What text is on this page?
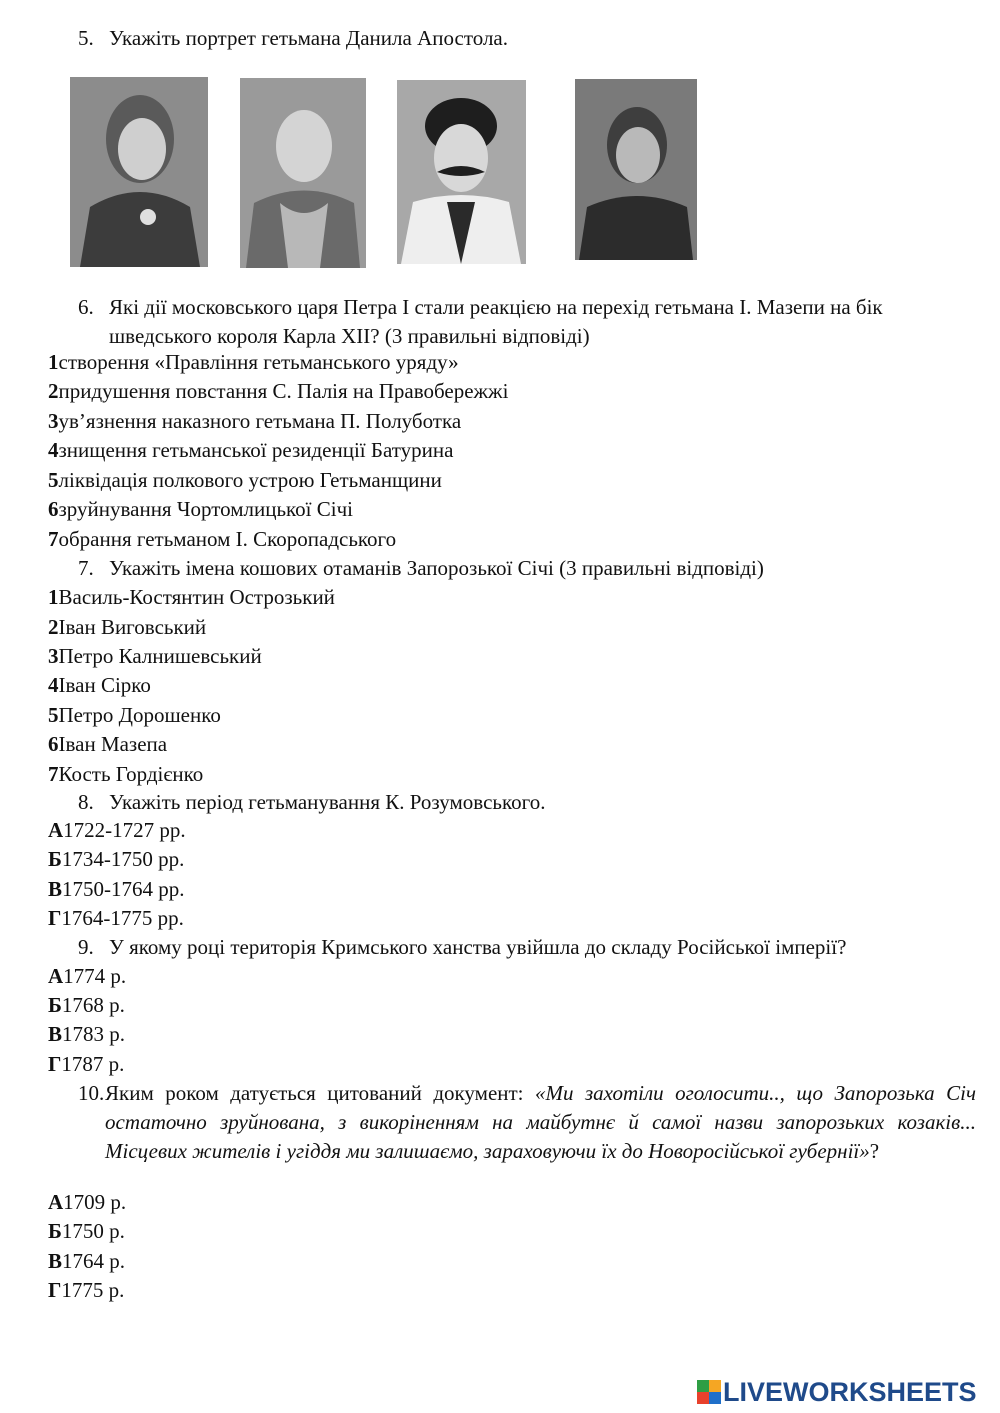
5. Укажіть портрет гетьмана Данила Апостола.
6. Які дії московського царя Петра І стали реакцією на перехід гетьмана І. Мазепи на бік шведського короля Карла ХІІ? (3 правильні відповіді)
1створення «Правління гетьманського уряду»
2придушення повстання С. Палія на Правобережжі
3ув’язнення наказного гетьмана П. Полуботка
4знищення гетьманської резиденції Батурина
5ліквідація полкового устрою Гетьманщини
6зруйнування Чортомлицької Січі
7обрання гетьманом І. Скоропадського
7. Укажіть імена кошових отаманів Запорозької Січі (3 правильні відповіді)
1Василь-Костянтин Острозький
2Іван Виговський
3Петро Калнишевський
4Іван Сірко
5Петро Дорошенко
6Іван Мазепа
7Кость Гордієнко
8. Укажіть період гетьманування К. Розумовського.
А1722-1727 рр.
Б1734-1750 рр.
В1750-1764 рр.
Г1764-1775 рр.
9. У якому році територія Кримського ханства увійшла до складу Російської імперії?
А1774 р.
Б1768 р.
В1783 р.
Г1787 р.
10. Яким роком датується цитований документ: «Ми захотіли оголосити.., що Запорозька Січ остаточно зруйнована, з викоріненням на майбутнє й самої назви запорозьких козаків... Місцевих жителів і угіддя ми залишаємо, зараховуючи їх до Новоросійської губернії»?
А1709 р.
Б1750 р.
В1764 р.
Г1775 р.
LIVEWORKSHEETS
